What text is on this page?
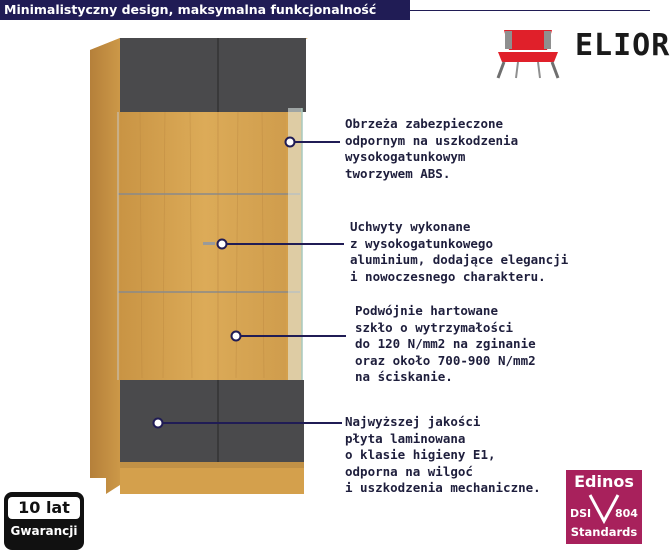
Minimalistyczny design, maksymalna funkcjonalność
ELIOR
Obrzeża zabezpieczone
odpornym na uszkodzenia
wysokogatunkowym
tworzywem ABS.
Uchwyty wykonane
z wysokogatunkowego
aluminium, dodające elegancji
i nowoczesnego charakteru.
Podwójnie hartowane
szkło o wytrzymałości
do 120 N/mm2 na zginanie
oraz około 700-900 N/mm2
na ściskanie.
Najwyższej jakości
płyta laminowana
o klasie higieny E1,
odporna na wilgoć
i uszkodzenia mechaniczne.
10 lat
Gwarancji
Edinos
DSI 804
Standards
